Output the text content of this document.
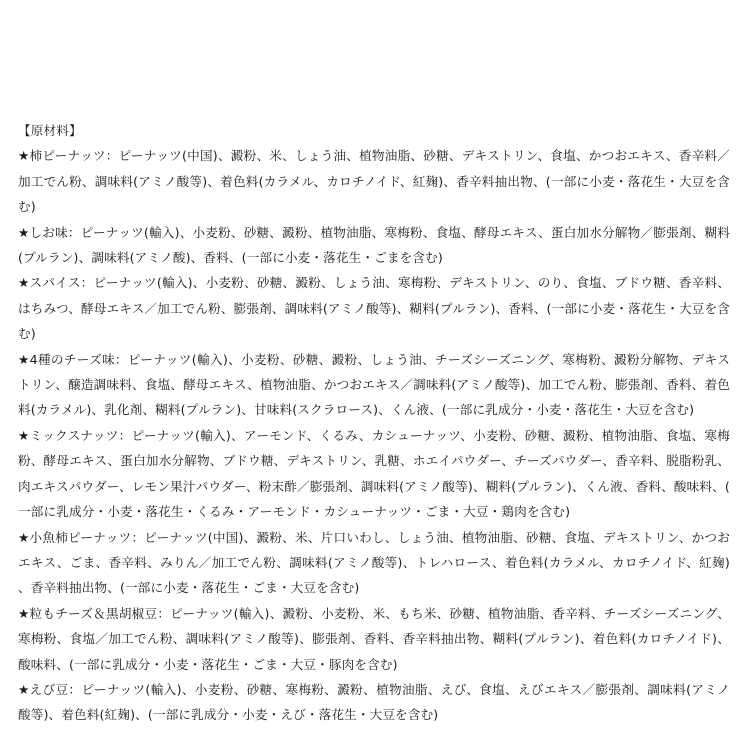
【原材料】

★柿ピーナッツ：ピーナッツ(中国)、澱粉、米、しょう油、植物油脂、砂糖、デキストリン、食塩、かつおエキス、香辛料／加工でん粉、調味料(アミノ酸等)、着色料(カラメル、カロチノイド、紅麹)、香辛料抽出物、(一部に小麦・落花生・大豆を含む)

★しお味：ピーナッツ(輸入)、小麦粉、砂糖、澱粉、植物油脂、寒梅粉、食塩、酵母エキス、蛋白加水分解物／膨張剤、糊料(プルラン)、調味料(アミノ酸)、香料、(一部に小麦・落花生・ごまを含む)

★スパイス：ピーナッツ(輸入)、小麦粉、砂糖、澱粉、しょう油、寒梅粉、デキストリン、のり、食塩、ブドウ糖、香辛料、はちみつ、酵母エキス／加工でん粉、膨張剤、調味料(アミノ酸等)、糊料(プルラン)、香料、(一部に小麦・落花生・大豆を含む)

★4種のチーズ味：ピーナッツ(輸入)、小麦粉、砂糖、澱粉、しょう油、チーズシーズニング、寒梅粉、澱粉分解物、デキストリン、醸造調味料、食塩、酵母エキス、植物油脂、かつおエキス／調味料(アミノ酸等)、加工でん粉、膨張剤、香料、着色料(カラメル)、乳化剤、糊料(プルラン)、甘味料(スクラロース)、くん液、(一部に乳成分・小麦・落花生・大豆を含む)

★ミックスナッツ：ピーナッツ(輸入)、アーモンド、くるみ、カシューナッツ、小麦粉、砂糖、澱粉、植物油脂、食塩、寒梅粉、酵母エキス、蛋白加水分解物、ブドウ糖、デキストリン、乳糖、ホエイパウダー、チーズパウダー、香辛料、脱脂粉乳、肉エキスパウダー、レモン果汁パウダー、粉末酢／膨張剤、調味料(アミノ酸等)、糊料(プルラン)、くん液、香料、酸味料、(一部に乳成分・小麦・落花生・くるみ・アーモンド・カシューナッツ・ごま・大豆・鶏肉を含む)

★小魚柿ピーナッツ：ピーナッツ(中国)、澱粉、米、片口いわし、しょう油、植物油脂、砂糖、食塩、デキストリン、かつおエキス、ごま、香辛料、みりん／加工でん粉、調味料(アミノ酸等)、トレハロース、着色料(カラメル、カロチノイド、紅麹)、香辛料抽出物、(一部に小麦・落花生・ごま・大豆を含む)

★粒もチーズ＆黒胡椒豆：ピーナッツ(輸入)、澱粉、小麦粉、米、もち米、砂糖、植物油脂、香辛料、チーズシーズニング、寒梅粉、食塩／加工でん粉、調味料(アミノ酸等)、膨張剤、香料、香辛料抽出物、糊料(プルラン)、着色料(カロチノイド)、酸味料、(一部に乳成分・小麦・落花生・ごま・大豆・豚肉を含む)

★えび豆：ピーナッツ(輸入)、小麦粉、砂糖、寒梅粉、澱粉、植物油脂、えび、食塩、えびエキス／膨張剤、調味料(アミノ酸等)、着色料(紅麹)、(一部に乳成分・小麦・えび・落花生・大豆を含む)
